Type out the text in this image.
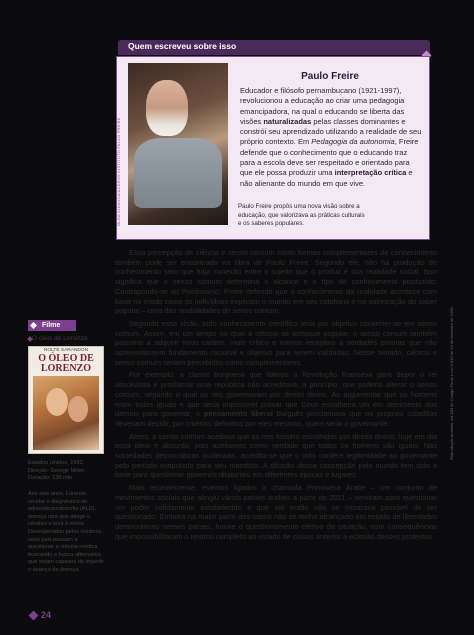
Quem escreveu sobre isso
OLGA CHIANCA/ACERVO INSTITUTO PAULO FREIRE
Paulo Freire
Educador e filósofo pernambucano (1921-1997), revolucionou a educação ao criar uma pedagogia emancipadora, na qual o educando se liberta das visões naturalizadas pelas classes dominantes e constrói seu aprendizado utilizando a realidade de seu próprio contexto. Em Pedagogia da autonomia, Freire defende que o conhecimento que o educando traz para a escola deve ser respeitado e orientado para que ele possa produzir uma interpretação crítica e não alienante do mundo em que vive.
Paulo Freire propôs uma nova visão sobre a educação, que valorizava as práticas culturais e os saberes populares.

Essa percepção de ciência e senso comum como formas complementares de conhecimento também pode ser encontrada na obra de Paulo Freire. Segundo ele, não há produção de conhecimento sem que haja conexão entre o sujeito que o produz e sua realidade social. Isso significa que o senso comum determina o alcance e o tipo de conhecimento produzido. Contrapondo-se ao Positivismo, Freire defende que o conhecimento da realidade acontece com base no modo como os indivíduos explicam o mundo em seu cotidiano e na valorização do saber popular – uma das modalidades do senso comum.

Segundo essa visão, todo conhecimento científico teria por objetivo converter-se em senso comum. Assim, em um tempo no qual a ciência se tornasse popular, o senso comum também passaria a adquirir novo caráter, mais crítico e menos receptivo a verdades prontas que não apresentassem fundamento racional e objetivo para serem validadas. Nesse sentido, ciência e senso comum seriam percebidos como complementares.

Por exemplo, a classe burguesa que liderou a Revolução Francesa para depor o rei absolutista e proclamar uma república não acreditava, a princípio, que poderia alterar o senso comum, segundo o qual os reis governavam por direito divino. Ao argumentar que os homens eram todos iguais e que seria impossível provar que Deus escolheria um em detrimento dos demais para governar, o pensamento liberal burguês proclamava que os próprios cidadãos deveriam decidir, por critérios definidos por eles mesmos, quem seria o governante.

Antes, o senso comum aceitava que os reis fossem escolhidos por direito divino; hoje em dia essa ideia é absurda, pois aceitamos como verdade que todos os homens são iguais. Nas sociedades democráticas ocidentais, acredita-se que o voto confere legitimidade ao governante pelo período estipulado para seu mandato. A difusão dessa concepção pelo mundo tem sido a base para questionar governos ditatoriais em diferentes épocas e lugares.

Mais recentemente, eventos ligados à chamada Primavera Árabe – um conjunto de movimentos sociais que atingiu vários países árabes a partir de 2011 – serviram para questionar um poder solidamente estabelecido e que até então não se mostrava passível de ser questionado. Embora na maior parte dos casos não se tenha alcançado um estado de liberdades democráticas nesses países, houve o questionamento efetivo da situação, com consequências que impossibilitaram o retorno completo ao estado de coisas anterior à eclosão desses protestos.

Filme
O óleo de Lorenzo
NOLTE SARANDON
O ÓLEO DE LORENZO
Estados Unidos, 1992. Direção: George Miller. Duração: 135 min.
Aos seis anos, Lorenzo recebe o diagnóstico de adrenoleucodistrofia (ALD), doença rara que atinge o cérebro e leva à morte. Desesperados pelos médicos, seus pais passam a questionar a ciência médica buscando a busca alternativa que sejam capazes de impedir o avanço da doença.
24
Reprodução proibida. Art.184 do Código Penal e Lei 9.610 de 19 de fevereiro de 1998.
